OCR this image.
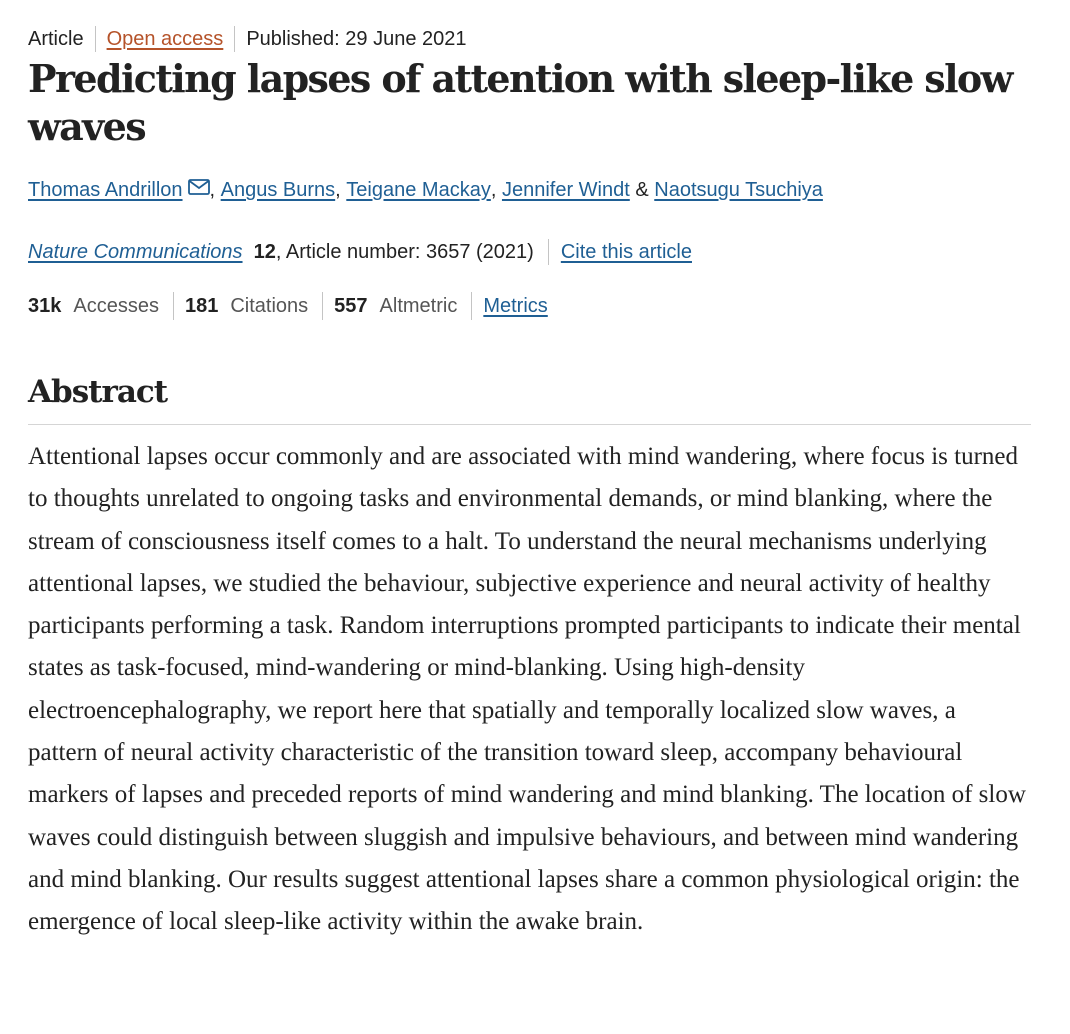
Article Open access Published: 29 June 2021
Predicting lapses of attention with sleep-like slow waves
Thomas Andrillon ,
Angus Burns ,
Teigane Mackay ,
Jennifer Windt
&
Naotsugu Tsuchiya
Nature Communications
12 , Article number: 3657 (2021) Cite this article
31k Accesses 181 Citations 557 Altmetric Metrics
Abstract

Attentional lapses occur commonly and are associated with mind wandering, where focus is turned to thoughts unrelated to ongoing tasks and environmental demands, or mind blanking, where the stream of consciousness itself comes to a halt. To understand the neural mechanisms underlying attentional lapses, we studied the behaviour, subjective experience and neural activity of healthy participants performing a task. Random interruptions prompted participants to indicate their mental states as task-focused, mind-wandering or mind-blanking. Using high-density electroencephalography, we report here that spatially and temporally localized slow waves, a pattern of neural activity characteristic of the transition toward sleep, accompany behavioural markers of lapses and preceded reports of mind wandering and mind blanking. The location of slow waves could distinguish between sluggish and impulsive behaviours, and between mind wandering and mind blanking. Our results suggest attentional lapses share a common physiological origin: the emergence of local sleep-like activity within the awake brain.
